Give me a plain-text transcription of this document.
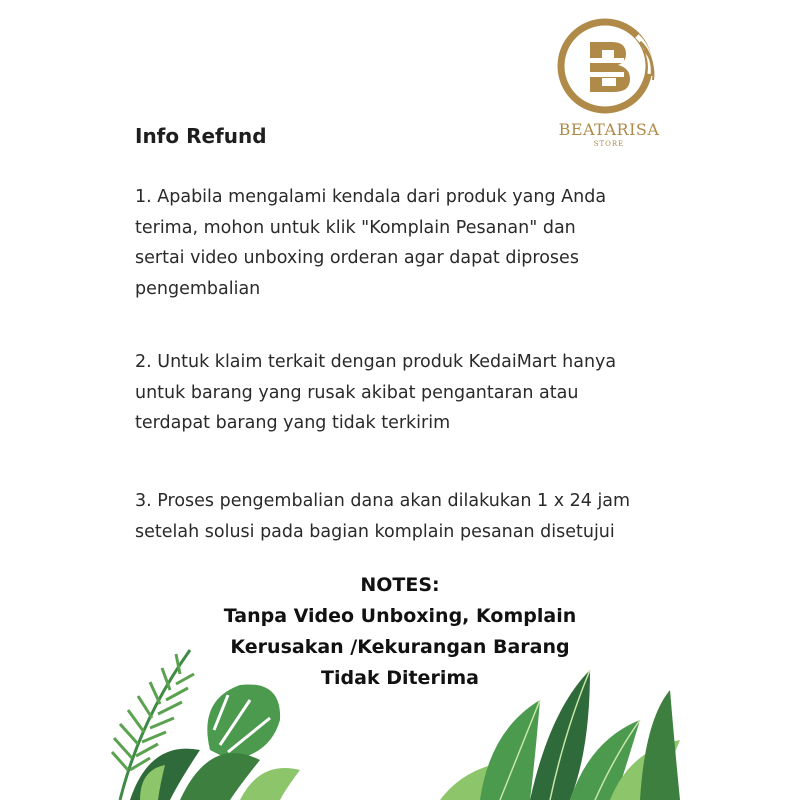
BEATARISA
STORE
Info Refund
1. Apabila mengalami kendala dari produk yang Anda
terima, mohon untuk klik "Komplain Pesanan" dan
sertai video unboxing orderan agar dapat diproses
pengembalian
2. Untuk klaim terkait dengan produk KedaiMart hanya
untuk barang yang rusak akibat pengantaran atau
terdapat barang yang tidak terkirim
3. Proses pengembalian dana akan dilakukan 1 x 24 jam
setelah solusi pada bagian komplain pesanan disetujui
NOTES:
Tanpa Video Unboxing, Komplain
Kerusakan /Kekurangan Barang
Tidak Diterima
